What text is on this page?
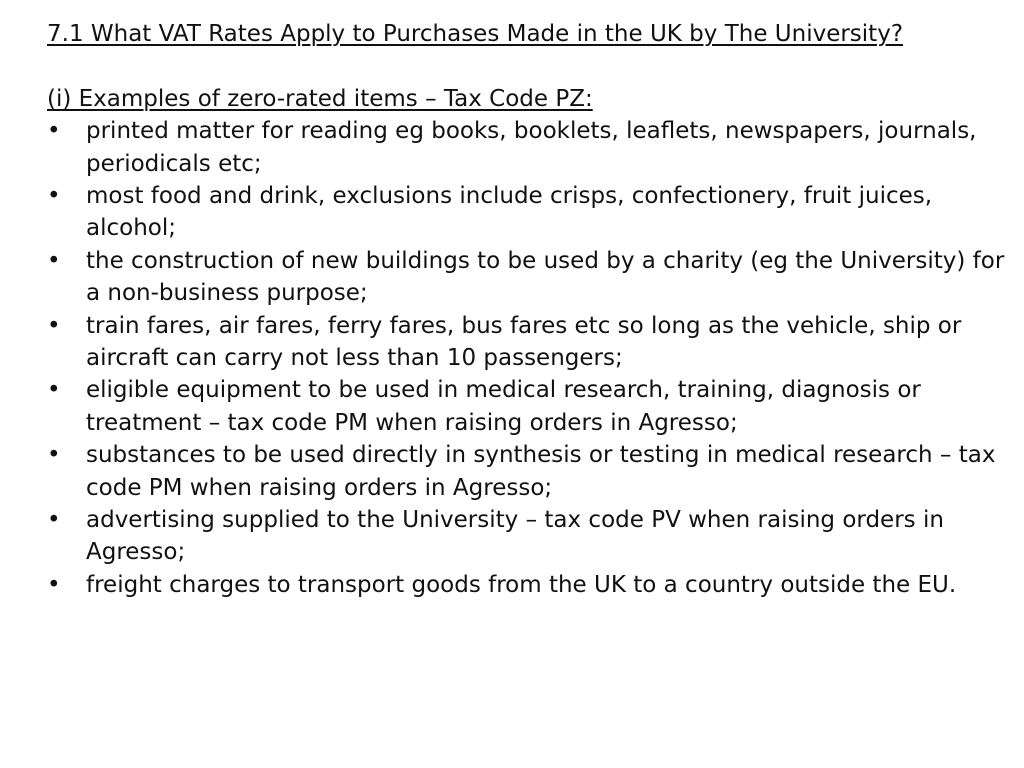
7.1 What VAT Rates Apply to Purchases Made in the UK by The University?

(i) Examples of zero-rated items – Tax Code PZ:

• printed matter for reading eg books, booklets, leaflets, newspapers, journals, periodicals etc;
• most food and drink, exclusions include crisps, confectionery, fruit juices, alcohol;
• the construction of new buildings to be used by a charity (eg the University) for a non-business purpose;
• train fares, air fares, ferry fares, bus fares etc so long as the vehicle, ship or aircraft can carry not less than 10 passengers;
• eligible equipment to be used in medical research, training, diagnosis or treatment – tax code PM when raising orders in Agresso;
• substances to be used directly in synthesis or testing in medical research – tax code PM when raising orders in Agresso;
• advertising supplied to the University – tax code PV when raising orders in Agresso;
• freight charges to transport goods from the UK to a country outside the EU.
